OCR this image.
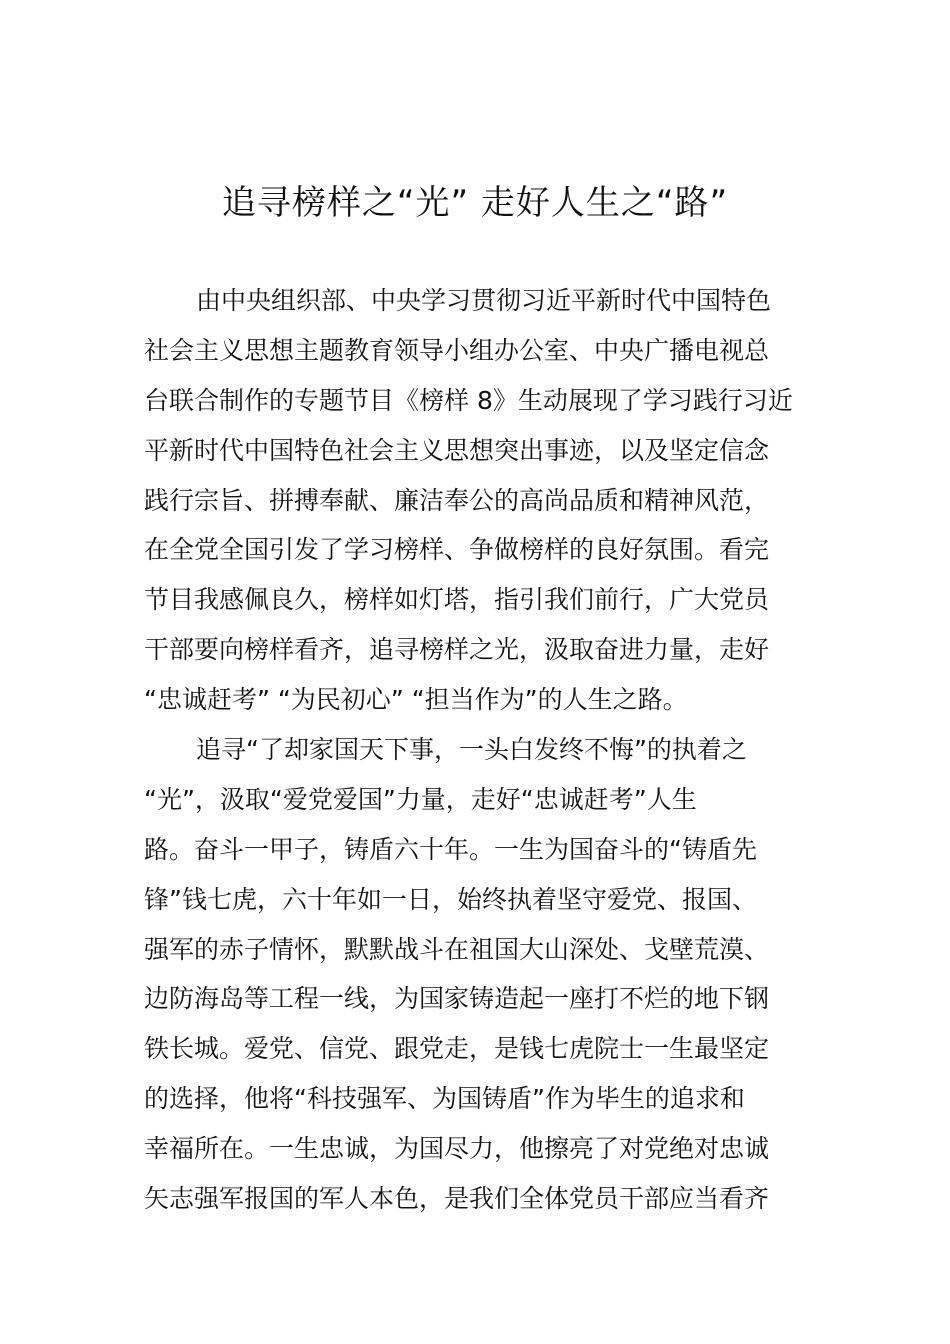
追寻榜样之“光” 走好人生之“路”

由中央组织部、中央学习贯彻习近平新时代中国特色
社会主义思想主题教育领导小组办公室、中央广播电视总
台联合制作的专题节目《榜样 8》生动展现了学习践行习近
平新时代中国特色社会主义思想突出事迹，以及坚定信念
践行宗旨、拼搏奉献、廉洁奉公的高尚品质和精神风范，
在全党全国引发了学习榜样、争做榜样的良好氛围。看完
节目我感佩良久，榜样如灯塔，指引我们前行，广大党员
干部要向榜样看齐，追寻榜样之光，汲取奋进力量，走好
“忠诚赶考” “为民初心” “担当作为”的人生之路。

追寻“了却家国天下事，一头白发终不悔”的执着之
“光”，汲取“爱党爱国”力量，走好“忠诚赶考”人生
路。奋斗一甲子，铸盾六十年。一生为国奋斗的“铸盾先
锋”钱七虎，六十年如一日，始终执着坚守爱党、报国、
强军的赤子情怀，默默战斗在祖国大山深处、戈壁荒漠、
边防海岛等工程一线，为国家铸造起一座打不烂的地下钢
铁长城。爱党、信党、跟党走，是钱七虎院士一生最坚定
的选择，他将“科技强军、为国铸盾”作为毕生的追求和
幸福所在。一生忠诚，为国尽力，他擦亮了对党绝对忠诚
矢志强军报国的军人本色，是我们全体党员干部应当看齐
